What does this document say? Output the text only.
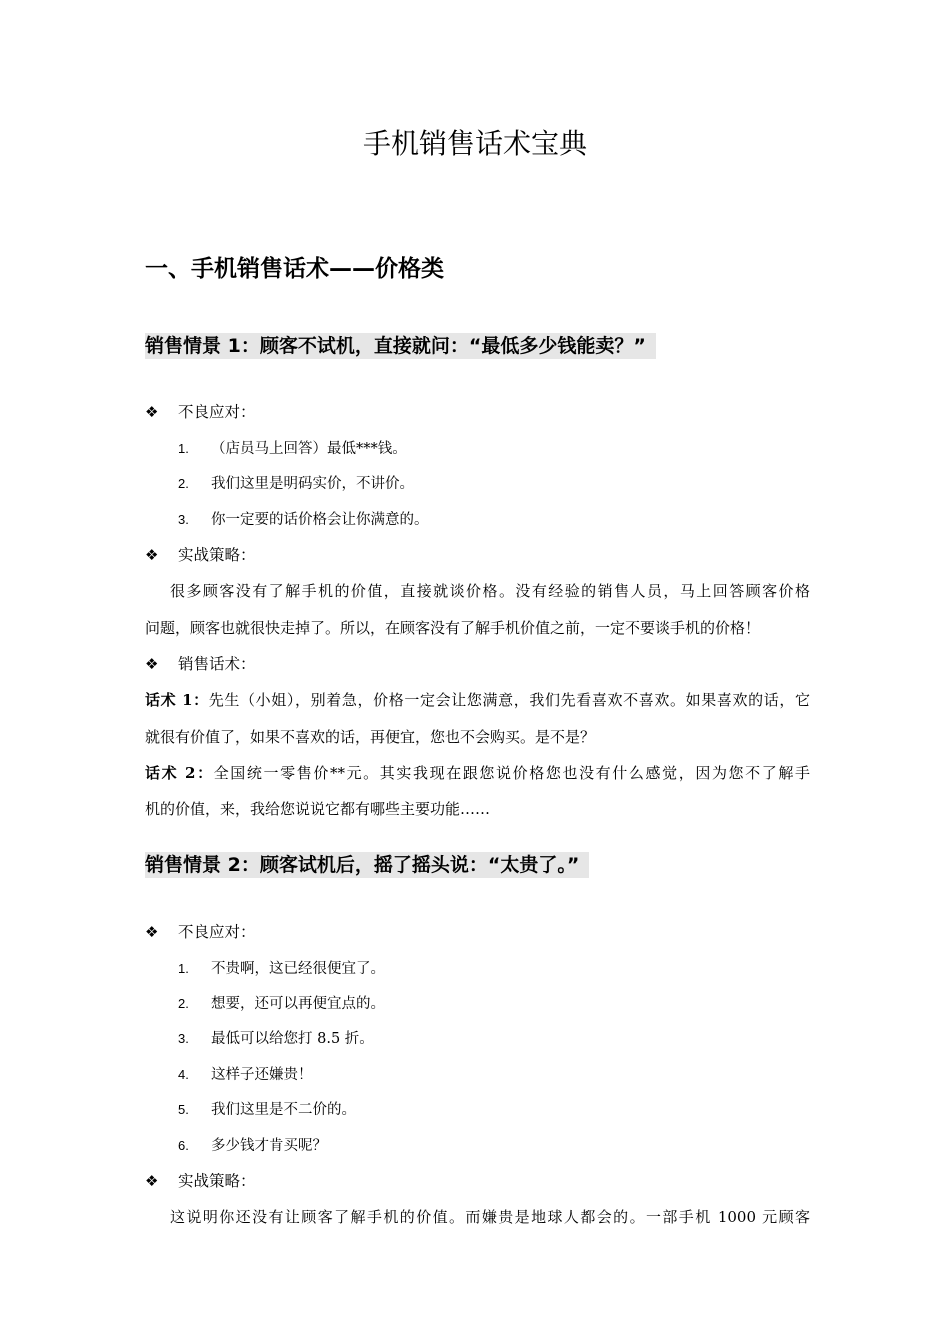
手机销售话术宝典
一、手机销售话术——价格类
销售情景 1：顾客不试机，直接就问：“最低多少钱能卖？”
❖ 不良应对：
1. （店员马上回答）最低***钱。
2. 我们这里是明码实价，不讲价。
3. 你一定要的话价格会让你满意的。
❖ 实战策略：
很多顾客没有了解手机的价值，直接就谈价格。没有经验的销售人员，马上回答顾客价格
问题，顾客也就很快走掉了。所以，在顾客没有了解手机价值之前，一定不要谈手机的价格！
❖ 销售话术：
话术 1：先生（小姐），别着急，价格一定会让您满意，我们先看喜欢不喜欢。如果喜欢的话，它
就很有价值了，如果不喜欢的话，再便宜，您也不会购买。是不是？
话术 2：全国统一零售价**元。其实我现在跟您说价格您也没有什么感觉，因为您不了解手
机的价值，来，我给您说说它都有哪些主要功能……
销售情景 2：顾客试机后，摇了摇头说：“太贵了。”
❖ 不良应对：
1. 不贵啊，这已经很便宜了。
2. 想要，还可以再便宜点的。
3. 最低可以给您打 8.5 折。
4. 这样子还嫌贵！
5. 我们这里是不二价的。
6. 多少钱才肯买呢？
❖ 实战策略：
这说明你还没有让顾客了解手机的价值。而嫌贵是地球人都会的。一部手机 1000 元顾客
